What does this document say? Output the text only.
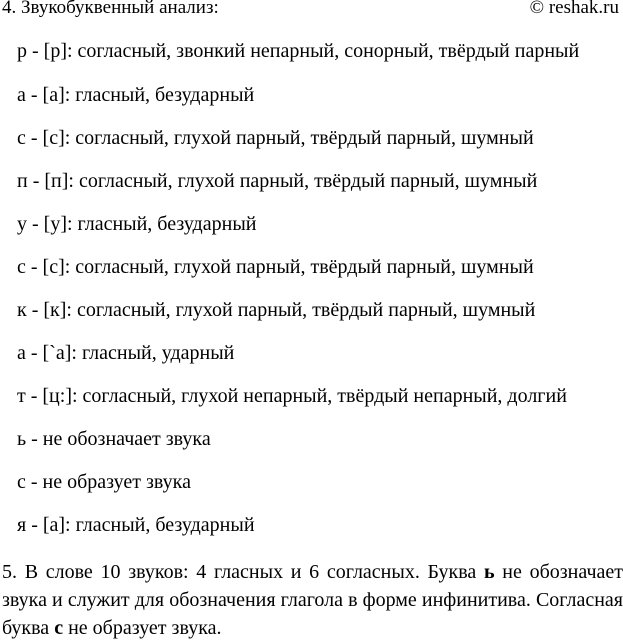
4. Звукобуквенный анализ:	© reshak.ru
р - [р]: согласный, звонкий непарный, сонорный, твёрдый парный
а - [а]: гласный, безударный
с - [с]: согласный, глухой парный, твёрдый парный, шумный
п - [п]: согласный, глухой парный, твёрдый парный, шумный
у - [у]: гласный, безударный
с - [с]: согласный, глухой парный, твёрдый парный, шумный
к - [к]: согласный, глухой парный, твёрдый парный, шумный
а - [`а]: гласный, ударный
т - [ц:]: согласный, глухой непарный, твёрдый непарный, долгий
ь - не обозначает звука
с - не образует звука
я - [а]: гласный, безударный
5. В слове 10 звуков: 4 гласных и 6 согласных. Буква ь не обозначает звука и служит для обозначения глагола в форме инфинитива. Согласная буква с не образует звука.
